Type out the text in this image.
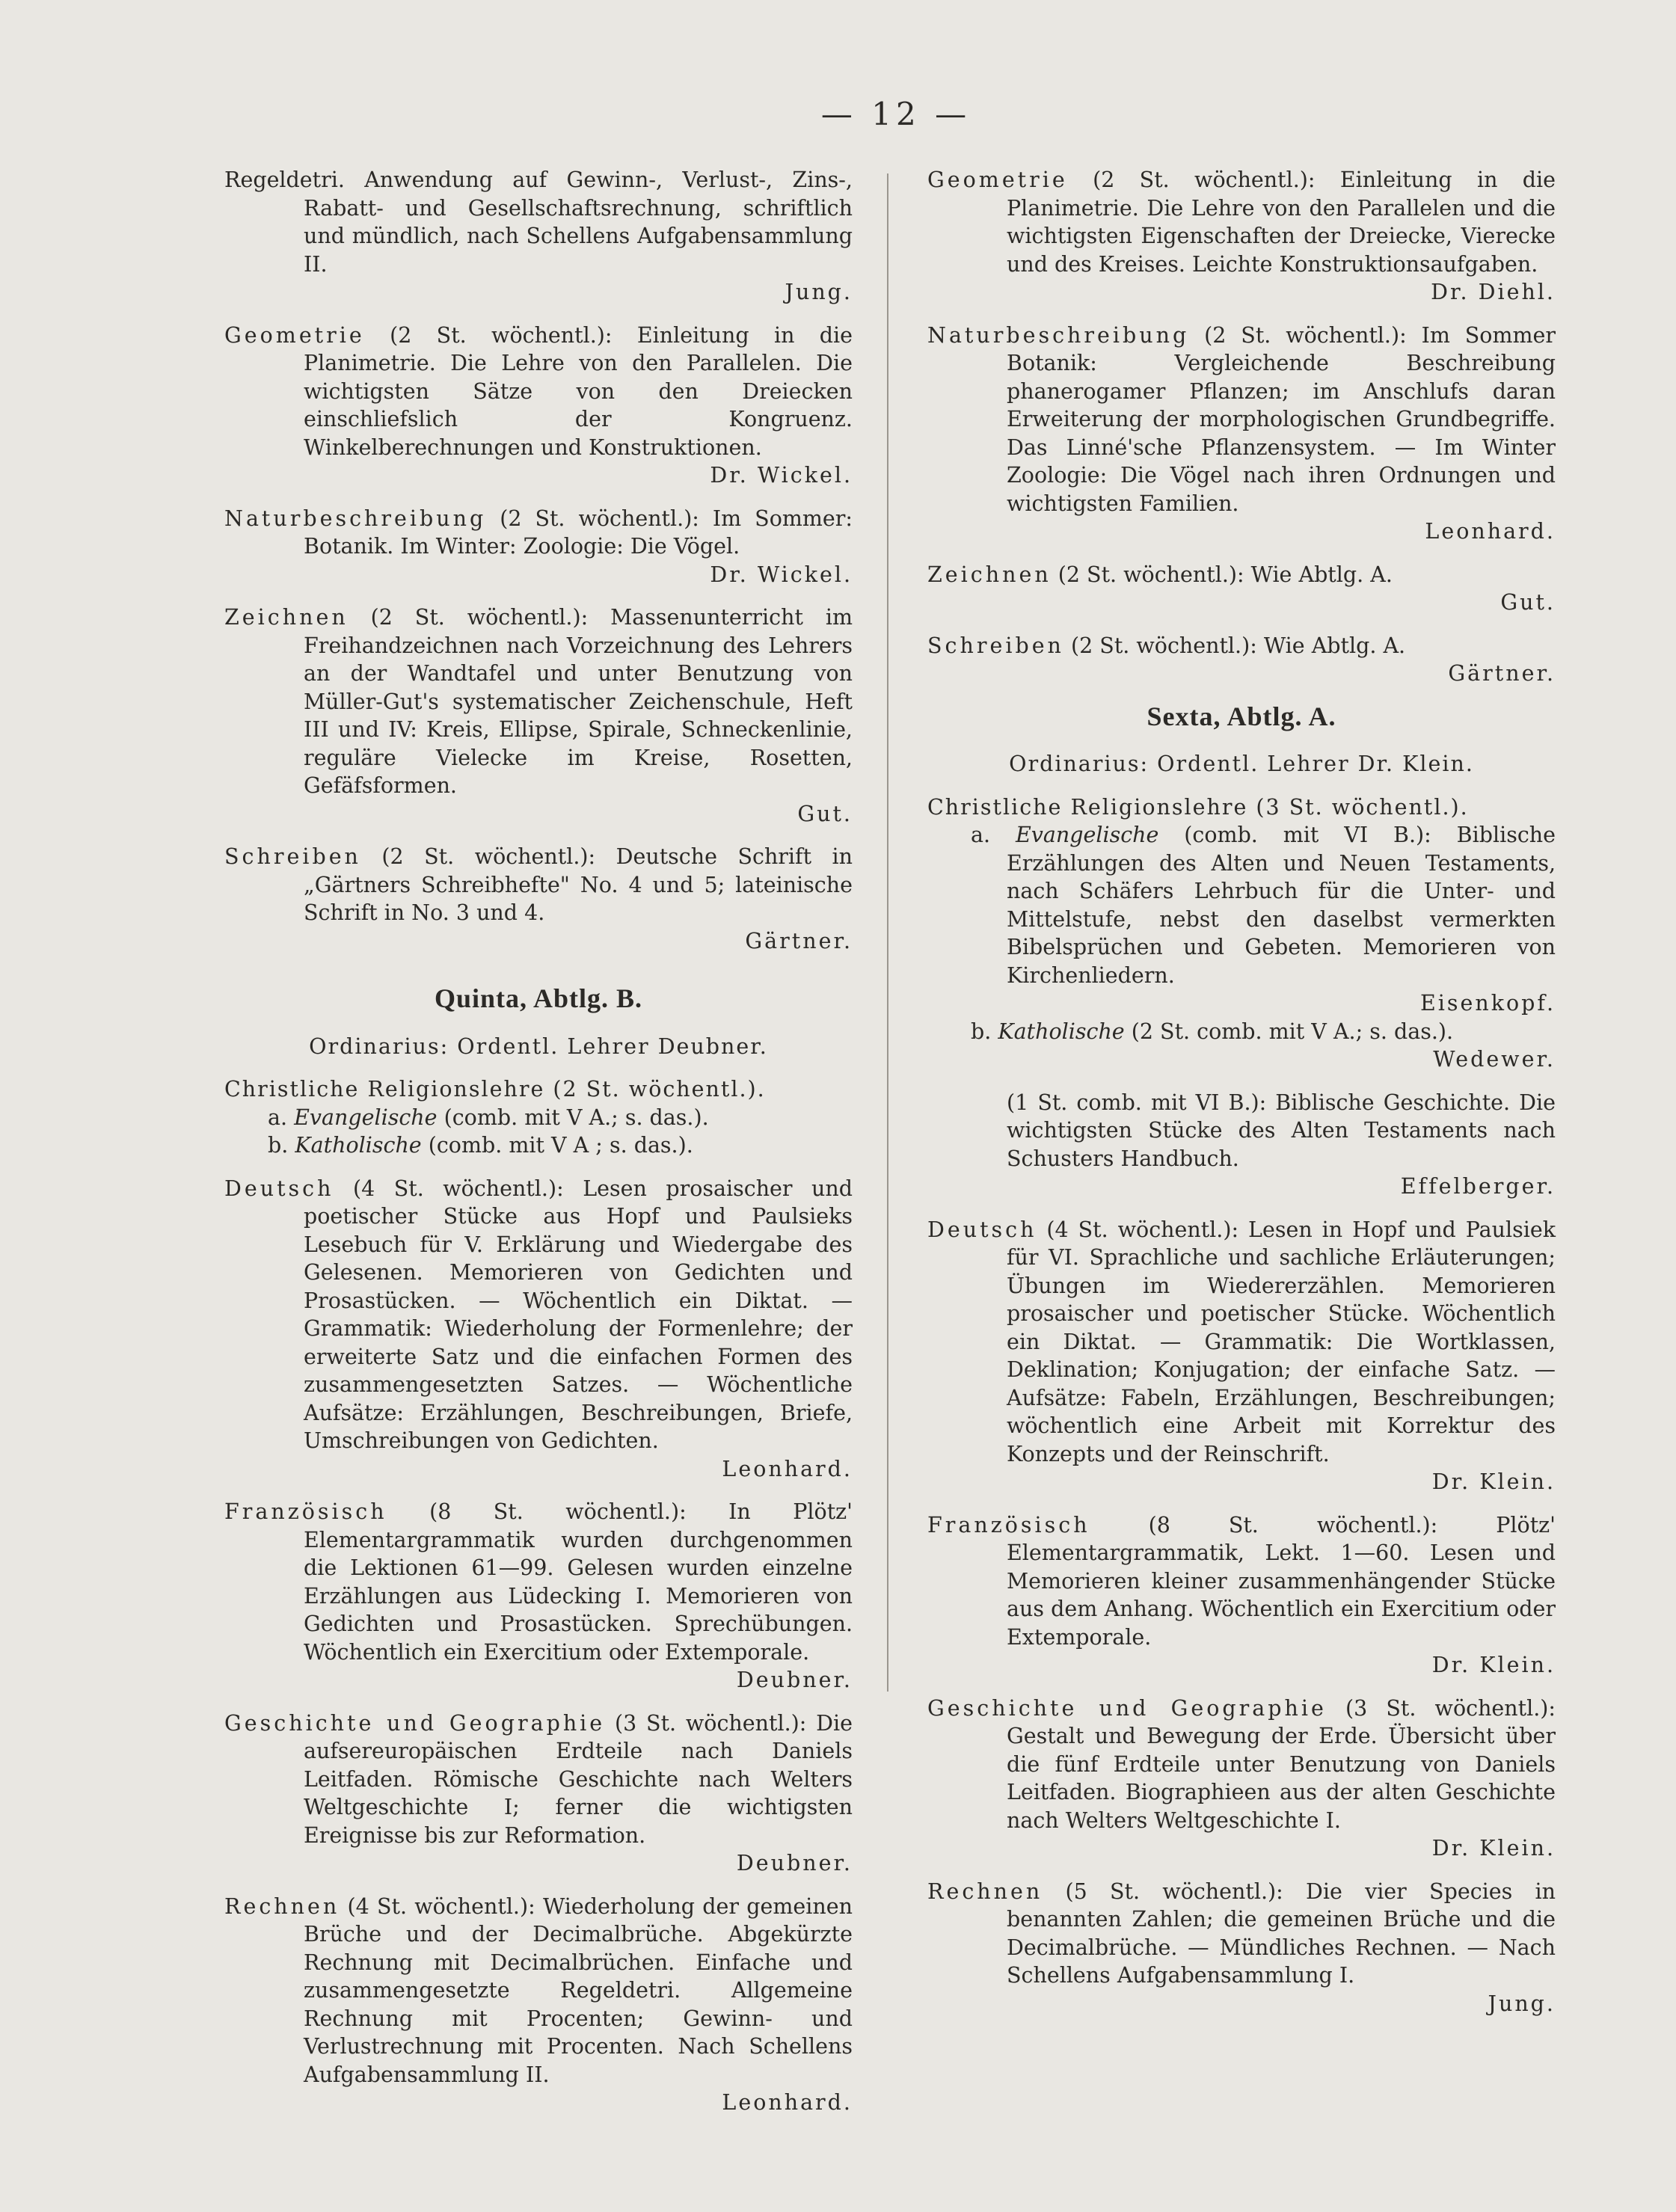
— 12 —

Regeldetri. Anwendung auf Gewinn-, Verlust-, Zins-, Rabatt- und Gesellschaftsrechnung, schriftlich und mündlich, nach Schellens Aufgabensammlung II.
Jung.

Geometrie (2 St. wöchentl.): Einleitung in die Planimetrie. Die Lehre von den Parallelen. Die wichtigsten Sätze von den Dreiecken einschliefslich der Kongruenz. Winkelberechnungen und Konstruktionen.
Dr. Wickel.

Naturbeschreibung (2 St. wöchentl.): Im Sommer: Botanik. Im Winter: Zoologie: Die Vögel.
Dr. Wickel.

Zeichnen (2 St. wöchentl.): Massenunterricht im Freihandzeichnen nach Vorzeichnung des Lehrers an der Wandtafel und unter Benutzung von Müller-Gut's systematischer Zeichenschule, Heft III und IV: Kreis, Ellipse, Spirale, Schneckenlinie, reguläre Vielecke im Kreise, Rosetten, Gefäfsformen.
Gut.

Schreiben (2 St. wöchentl.): Deutsche Schrift in „Gärtners Schreibhefte" No. 4 und 5; lateinische Schrift in No. 3 und 4.
Gärtner.

Quinta, Abtlg. B.

Ordinarius: Ordentl. Lehrer Deubner.

Christliche Religionslehre (2 St. wöchentl.).

a. Evangelische (comb. mit V A.; s. das.).

b. Katholische (comb. mit V A ; s. das.).

Deutsch (4 St. wöchentl.): Lesen prosaischer und poetischer Stücke aus Hopf und Paulsieks Lesebuch für V. Erklärung und Wiedergabe des Gelesenen. Memorieren von Gedichten und Prosastücken. — Wöchentlich ein Diktat. — Grammatik: Wiederholung der Formenlehre; der erweiterte Satz und die einfachen Formen des zusammengesetzten Satzes. — Wöchentliche Aufsätze: Erzählungen, Beschreibungen, Briefe, Umschreibungen von Gedichten.
Leonhard.

Französisch (8 St. wöchentl.): In Plötz' Elementargrammatik wurden durchgenommen die Lektionen 61—99. Gelesen wurden einzelne Erzählungen aus Lüdecking I. Memorieren von Gedichten und Prosastücken. Sprechübungen. Wöchentlich ein Exercitium oder Extemporale.
Deubner.

Geschichte und Geographie (3 St. wöchentl.): Die aufsereuropäischen Erdteile nach Daniels Leitfaden. Römische Geschichte nach Welters Weltgeschichte I; ferner die wichtigsten Ereignisse bis zur Reformation.
Deubner.

Rechnen (4 St. wöchentl.): Wiederholung der gemeinen Brüche und der Decimalbrüche. Abgekürzte Rechnung mit Decimalbrüchen. Einfache und zusammengesetzte Regeldetri. Allgemeine Rechnung mit Procenten; Gewinn- und Verlustrechnung mit Procenten. Nach Schellens Aufgabensammlung II.
Leonhard.

Geometrie (2 St. wöchentl.): Einleitung in die Planimetrie. Die Lehre von den Parallelen und die wichtigsten Eigenschaften der Dreiecke, Vierecke und des Kreises. Leichte Konstruktionsaufgaben.
Dr. Diehl.

Naturbeschreibung (2 St. wöchentl.): Im Sommer Botanik: Vergleichende Beschreibung phanerogamer Pflanzen; im Anschlufs daran Erweiterung der morphologischen Grundbegriffe. Das Linné'sche Pflanzensystem. — Im Winter Zoologie: Die Vögel nach ihren Ordnungen und wichtigsten Familien.
Leonhard.

Zeichnen (2 St. wöchentl.): Wie Abtlg. A.
Gut.

Schreiben (2 St. wöchentl.): Wie Abtlg. A.
Gärtner.

Sexta, Abtlg. A.

Ordinarius: Ordentl. Lehrer Dr. Klein.

Christliche Religionslehre (3 St. wöchentl.).

a. Evangelische (comb. mit VI B.): Biblische Erzählungen des Alten und Neuen Testaments, nach Schäfers Lehrbuch für die Unter- und Mittelstufe, nebst den daselbst vermerkten Bibelsprüchen und Gebeten. Memorieren von Kirchenliedern.
Eisenkopf.

b. Katholische (2 St. comb. mit V A.; s. das.).
Wedewer.

(1 St. comb. mit VI B.): Biblische Geschichte. Die wichtigsten Stücke des Alten Testaments nach Schusters Handbuch.
Effelberger.

Deutsch (4 St. wöchentl.): Lesen in Hopf und Paulsiek für VI. Sprachliche und sachliche Erläuterungen; Übungen im Wiedererzählen. Memorieren prosaischer und poetischer Stücke. Wöchentlich ein Diktat. — Grammatik: Die Wortklassen, Deklination; Konjugation; der einfache Satz. — Aufsätze: Fabeln, Erzählungen, Beschreibungen; wöchentlich eine Arbeit mit Korrektur des Konzepts und der Reinschrift.
Dr. Klein.

Französisch (8 St. wöchentl.): Plötz' Elementargrammatik, Lekt. 1—60. Lesen und Memorieren kleiner zusammenhängender Stücke aus dem Anhang. Wöchentlich ein Exercitium oder Extemporale.
Dr. Klein.

Geschichte und Geographie (3 St. wöchentl.): Gestalt und Bewegung der Erde. Übersicht über die fünf Erdteile unter Benutzung von Daniels Leitfaden. Biographieen aus der alten Geschichte nach Welters Weltgeschichte I.
Dr. Klein.

Rechnen (5 St. wöchentl.): Die vier Species in benannten Zahlen; die gemeinen Brüche und die Decimalbrüche. — Mündliches Rechnen. — Nach Schellens Aufgabensammlung I.
Jung.
